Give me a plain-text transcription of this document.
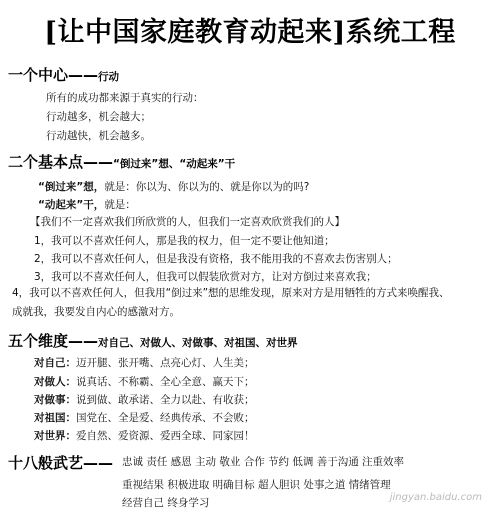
[让中国家庭教育动起来]系统工程
一个中心——行动
所有的成功都来源于真实的行动：
行动越多，机会越大；
行动越快，机会越多。
二个基本点——“倒过来”想、“动起来”干
“倒过来”想，就是：你以为、你以为的、就是你以为的吗?
“动起来”干，就是：
【我们不一定喜欢我们所欣赏的人，但我们一定喜欢欣赏我们的人】
1，我可以不喜欢任何人，那是我的权力，但一定不要让他知道；
2，我可以不喜欢任何人，但是我没有资格，我不能用我的不喜欢去伤害别人；
3，我可以不喜欢任何人，但我可以假装欣赏对方，让对方倒过来喜欢我；
4，我可以不喜欢任何人，但我用“倒过来”想的思维发现，原来对方是用牺牲的方式来唤醒我、成就我，我要发自内心的感激对方。
五个维度——对自己、对做人、对做事、对祖国、对世界
对自己：迈开腿、张开嘴、点亮心灯、人生美；
对做人：说真话、不称霸、全心全意、赢天下；
对做事：说到做、敢承诺、全力以赴、有收获；
对祖国：国党在、全是爱、经典传承、不会败；
对世界：爱自然、爱资源、爱西全球、同家园！
十八般武艺—— 忠诚 责任 感恩 主动 敬业 合作 节约 低调 善于沟通 注重效率
重视结果 积极进取 明确目标 超人胆识 处事之道 情绪管理
经营自己 终身学习	jingyan.baidu.com
